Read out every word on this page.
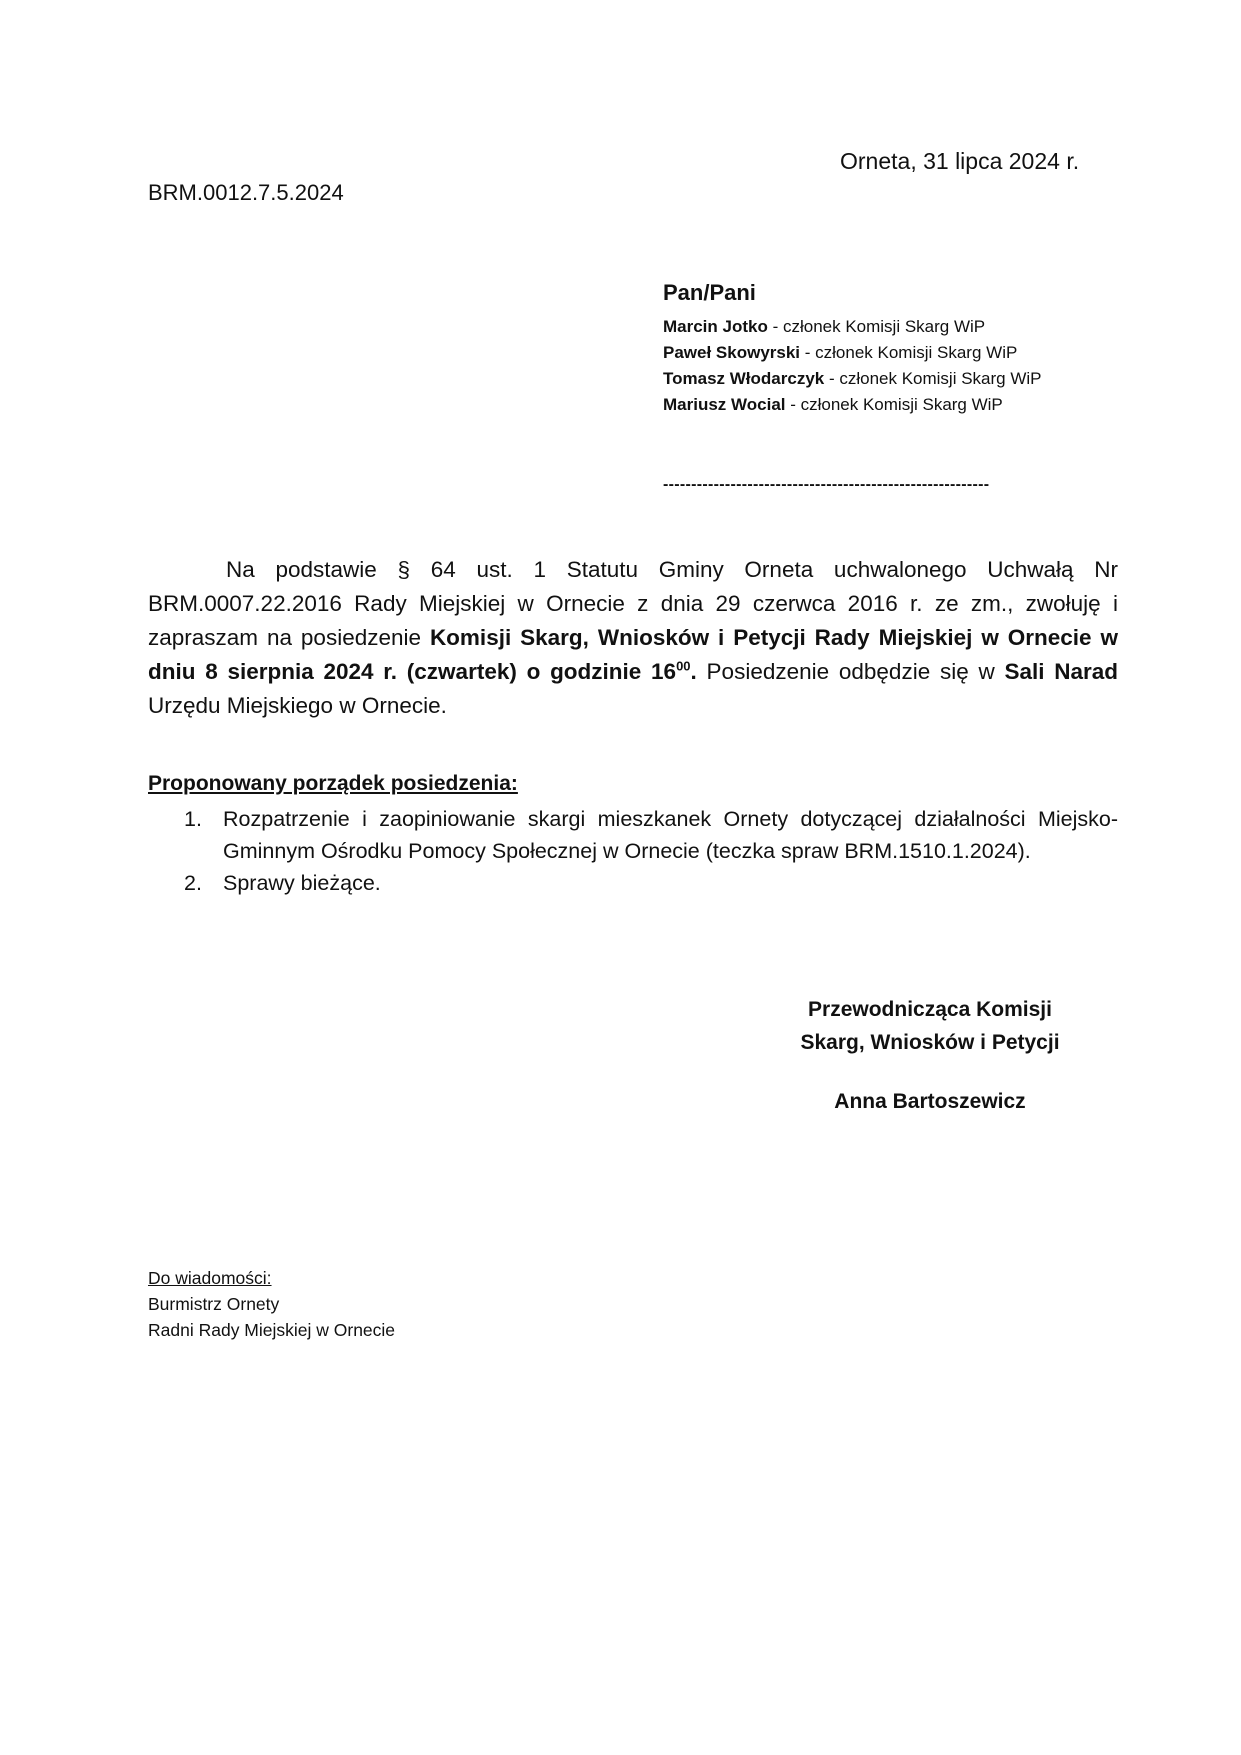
Orneta, 31 lipca 2024 r.
BRM.0012.7.5.2024
Pan/Pani
Marcin Jotko - członek Komisji Skarg WiP
Paweł Skowyrski - członek Komisji Skarg WiP
Tomasz Włodarczyk - członek Komisji Skarg WiP
Mariusz Wocial - członek Komisji Skarg WiP
----------------------------------------------------------

Na podstawie § 64 ust. 1 Statutu Gminy Orneta uchwalonego Uchwałą Nr BRM.0007.22.2016 Rady Miejskiej w Ornecie z dnia 29 czerwca 2016 r. ze zm., zwołuję i zapraszam na posiedzenie Komisji Skarg, Wniosków i Petycji Rady Miejskiej w Ornecie w dniu 8 sierpnia 2024 r. (czwartek) o godzinie $16^{00}$. Posiedzenie odbędzie się w Sali Narad Urzędu Miejskiego w Ornecie.

Proponowany porządek posiedzenia:
1. Rozpatrzenie i zaopiniowanie skargi mieszkanek Ornety dotyczącej działalności Miejsko-Gminnym Ośrodku Pomocy Społecznej w Ornecie (teczka spraw BRM.1510.1.2024).
2. Sprawy bieżące.
Przewodnicząca Komisji
Skarg, Wniosków i Petycji
Anna Bartoszewicz
Do wiadomości:
Burmistrz Ornety
Radni Rady Miejskiej w Ornecie
